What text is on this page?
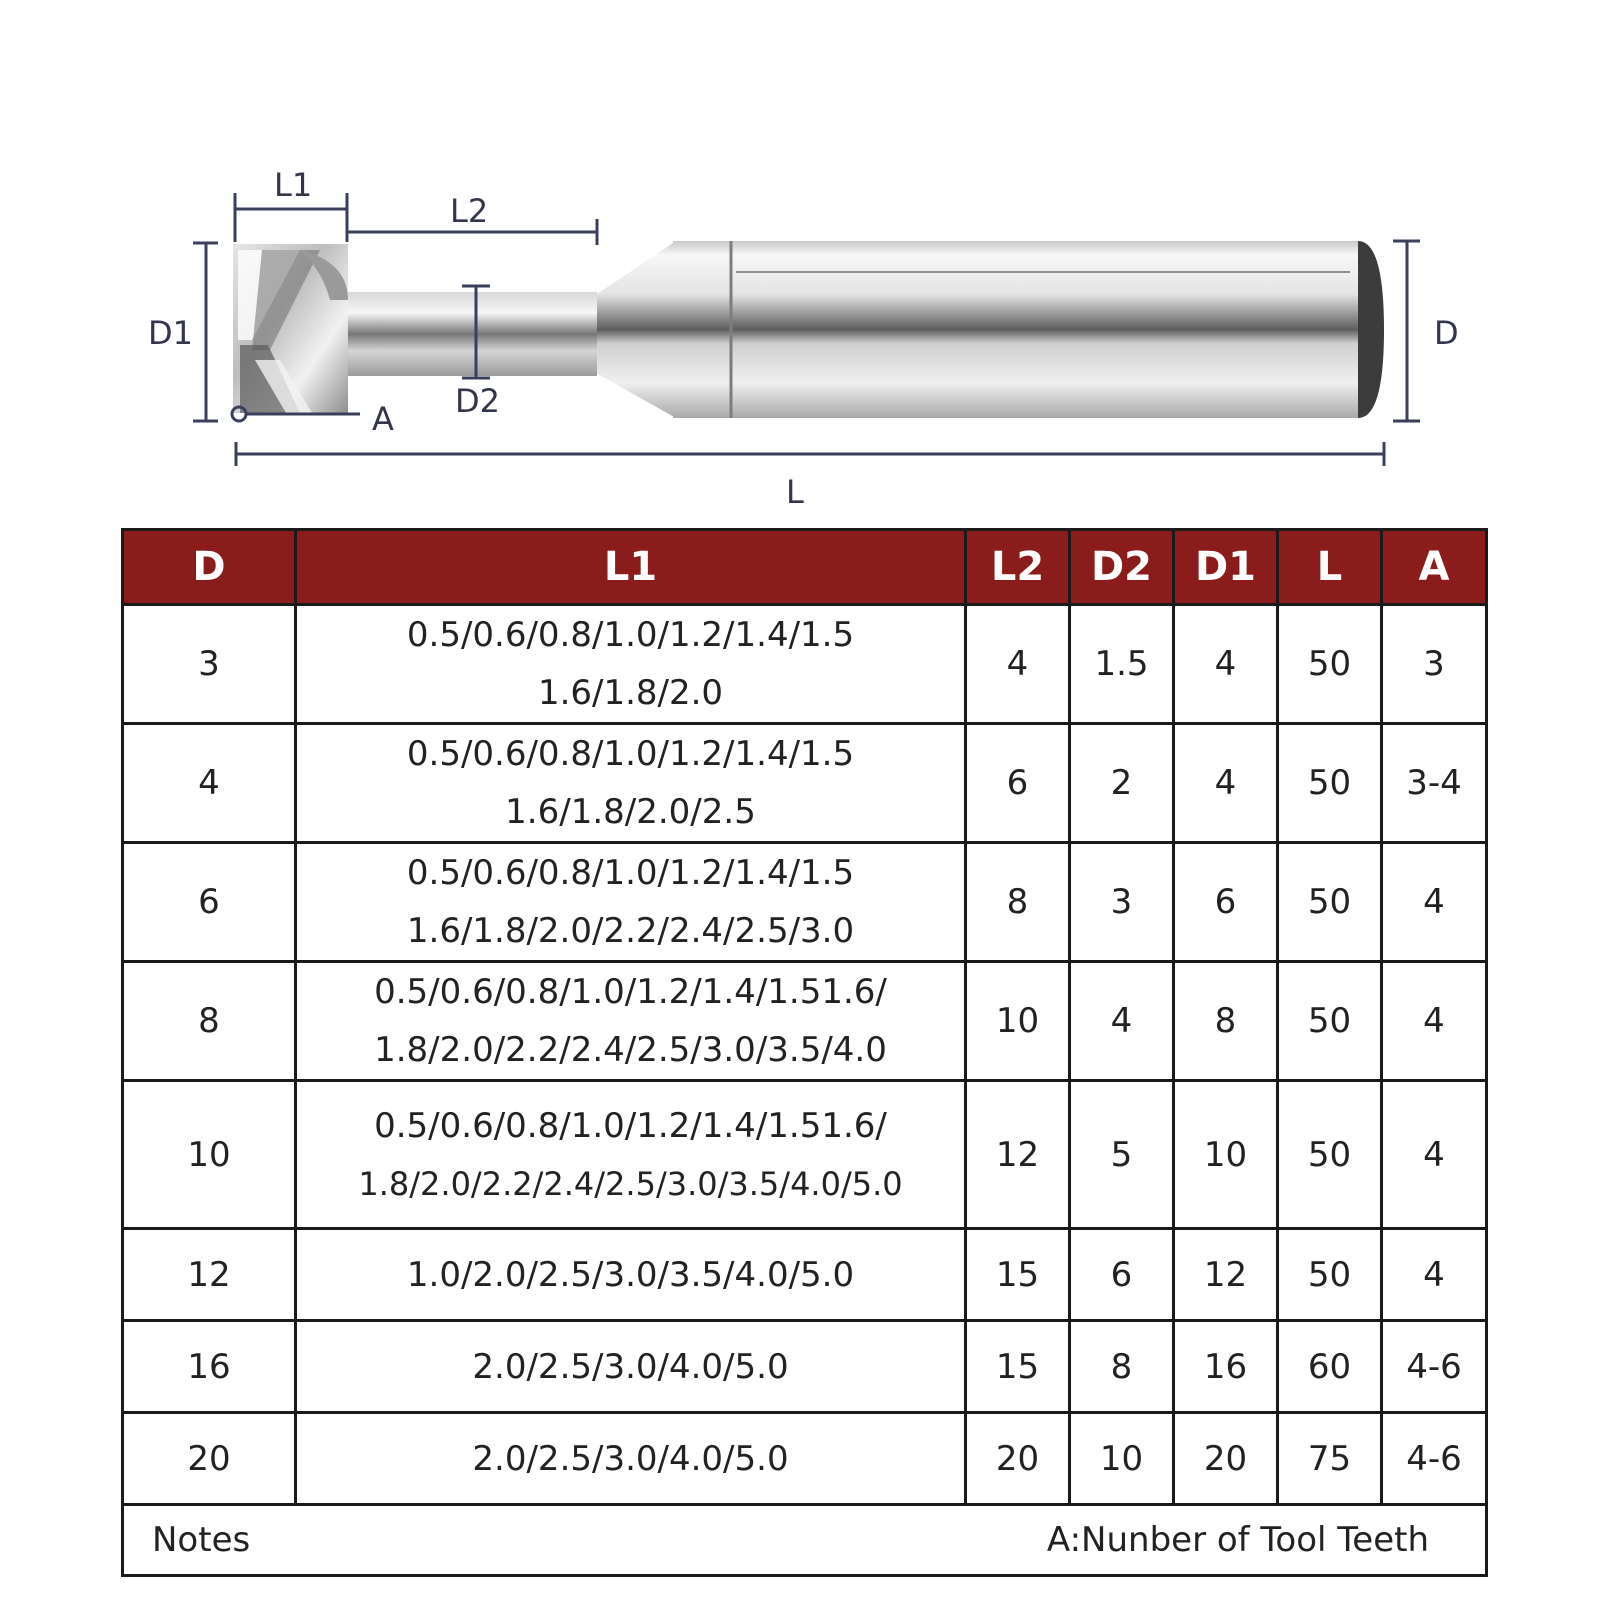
L1
L2
D1
D2
D
A
L
D	L1	L2	D2	D1	L	A
3	0.5/0.6/0.8/1.0/1.2/1.4/1.5
1.6/1.8/2.0	4	1.5	4	50	3
4	0.5/0.6/0.8/1.0/1.2/1.4/1.5
1.6/1.8/2.0/2.5	6	2	4	50	3-4
6	0.5/0.6/0.8/1.0/1.2/1.4/1.5
1.6/1.8/2.0/2.2/2.4/2.5/3.0	8	3	6	50	4
8	0.5/0.6/0.8/1.0/1.2/1.4/1.51.6/
1.8/2.0/2.2/2.4/2.5/3.0/3.5/4.0	10	4	8	50	4
10	0.5/0.6/0.8/1.0/1.2/1.4/1.51.6/
1.8/2.0/2.2/2.4/2.5/3.0/3.5/4.0/5.0	12	5	10	50	4
12	1.0/2.0/2.5/3.0/3.5/4.0/5.0	15	6	12	50	4
16	2.0/2.5/3.0/4.0/5.0	15	8	16	60	4-6
20	2.0/2.5/3.0/4.0/5.0	20	10	20	75	4-6

Notes A:Nunber of Tool Teeth						
